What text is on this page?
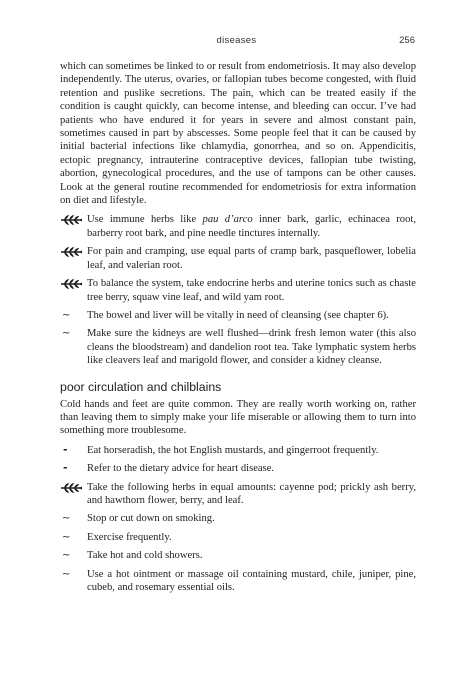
diseases	256

which can sometimes be linked to or result from endometriosis. It may also develop independently. The uterus, ovaries, or fallopian tubes become congested, with fluid retention and puslike secretions. The pain, which can be treated easily if the condition is caught quickly, can become intense, and bleeding can occur. I’ve had patients who have endured it for years in severe and almost constant pain, sometimes caused in part by abscesses. Some people feel that it can be caused by initial bacterial infections like chlamydia, gonorrhea, and so on. Appendicitis, ectopic pregnancy, intrauterine contraceptive devices, fallopian tube twisting, abortion, gynecological procedures, and the use of tampons can be other causes. Look at the general routine recommended for endometriosis for extra information on diet and lifestyle.

Use immune herbs like pau d’arco inner bark, garlic, echinacea root, barberry root bark, and pine needle tinctures internally.
For pain and cramping, use equal parts of cramp bark, pasqueflower, lobelia leaf, and valerian root.
To balance the system, take endocrine herbs and uterine tonics such as chaste tree berry, squaw vine leaf, and wild yam root.
~ The bowel and liver will be vitally in need of cleansing (see chapter 6).
~ Make sure the kidneys are well flushed—drink fresh lemon water (this also cleans the bloodstream) and dandelion root tea. Take lymphatic system herbs like cleavers leaf and marigold flower, and consider a kidney cleanse.
poor circulation and chilblains

Cold hands and feet are quite common. They are really worth working on, rather than leaving them to simply make your life miserable or allowing them to turn into something more troublesome.

- Eat horseradish, the hot English mustards, and gingerroot frequently.
- Refer to the dietary advice for heart disease.
Take the following herbs in equal amounts: cayenne pod; prickly ash berry, and hawthorn flower, berry, and leaf.
~ Stop or cut down on smoking.
~ Exercise frequently.
~ Take hot and cold showers.
~ Use a hot ointment or massage oil containing mustard, chile, juniper, pine, cubeb, and rosemary essential oils.
